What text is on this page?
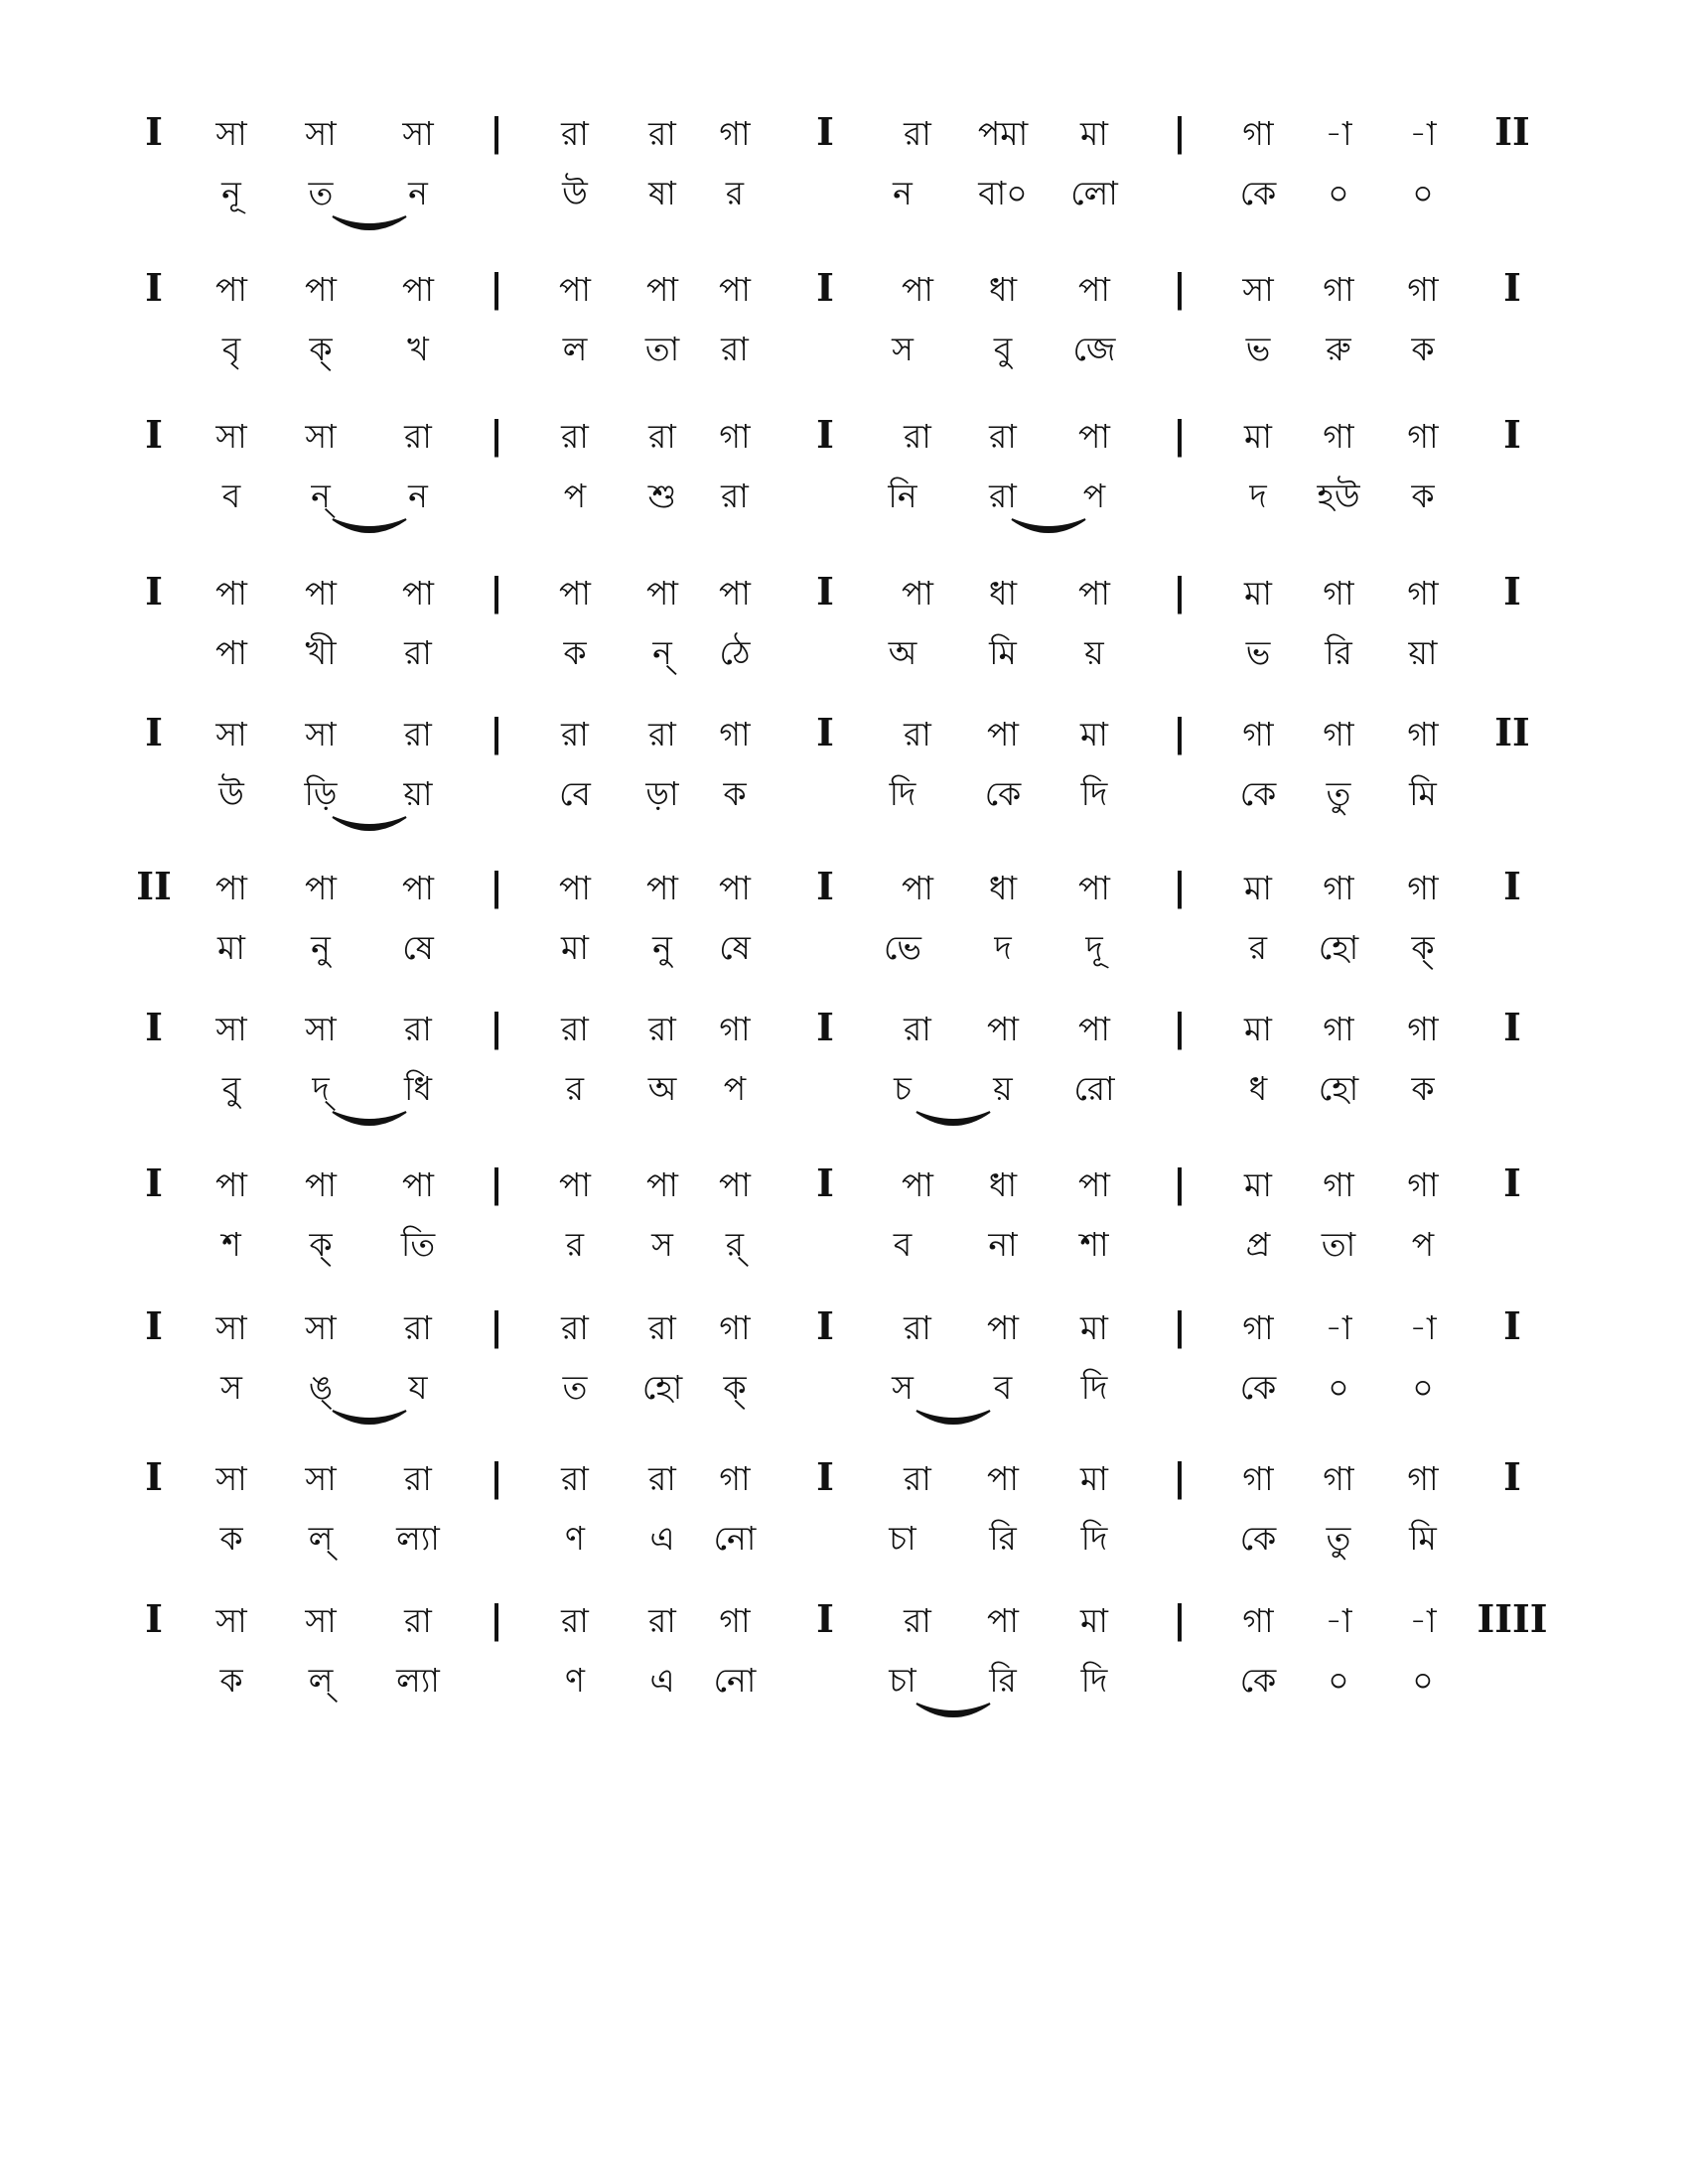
I সা সা সা | রা রা গা I রা পমা মা | গা -া -া II
নূ ত ন	উ ষা র	ন বা০ লো	কে ০ ০
I পা পা পা | পা পা পা I পা ধা পা | সা গা গা I
বৃ ক্ খ	ল তা রা	স বু জে	ভ রু ক
I সা সা রা | রা রা গা I রা রা পা | মা গা গা I
ব ন্ ন	প শু রা	নি রা প	দ হউ ক
I পা পা পা | পা পা পা I পা ধা পা | মা গা গা I
পা খী রা	ক ন্ ঠে	অ মি য়	ভ রি য়া
I সা সা রা | রা রা গা I রা পা মা | গা গা গা II
উ ড়ি য়া	বে ড়া ক	দি কে দি	কে তু মি
II পা পা পা | পা পা পা I পা ধা পা | মা গা গা I
মা নু ষে	মা নু ষে	ভে দ দূ	র হো ক্
I সা সা রা | রা রা গা I রা পা পা | মা গা গা I
বু দ্ ধি	র অ প	চ য় রো	ধ হো ক
I পা পা পা | পা পা পা I পা ধা পা | মা গা গা I
শ ক্ তি	র স র্	ব না শা	প্র তা প
I সা সা রা | রা রা গা I রা পা মা | গা -া -া I
স ঙ্ য	ত হো ক্	স ব দি	কে ০ ০
I সা সা রা | রা রা গা I রা পা মা | গা গা গা I
ক ল্ ল্যা	ণ এ নো	চা রি দি	কে তু মি
I সা সা রা | রা রা গা I রা পা মা | গা -া -া IIII
ক ল্ ল্যা	ণ এ নো	চা রি দি	কে ০ ০
